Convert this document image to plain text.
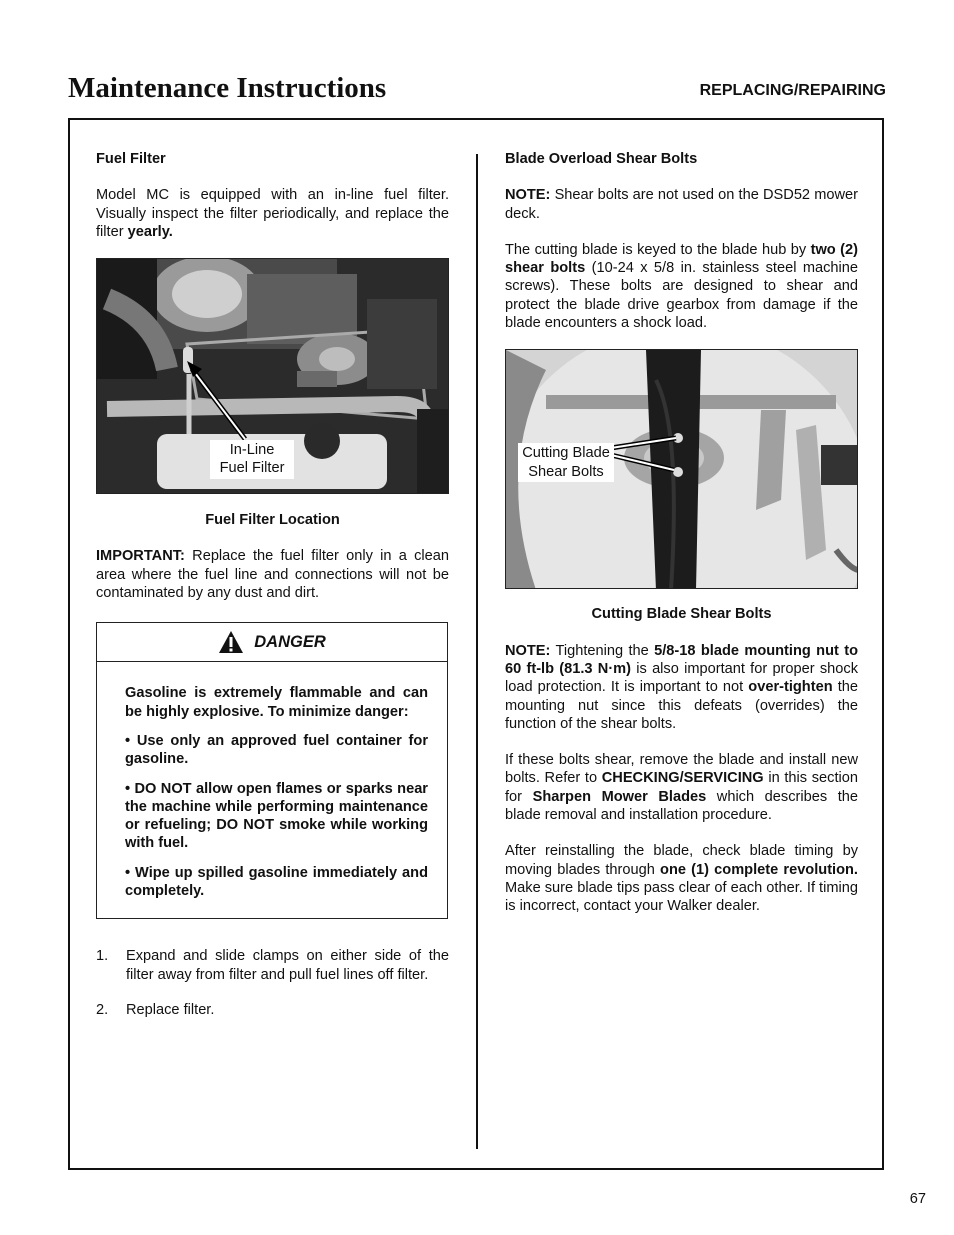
Maintenance Instructions	REPLACING/REPAIRING

Fuel Filter

Model MC is equipped with an in-line fuel filter. Visually inspect the filter periodically, and replace the filter yearly.

In-Line
Fuel Filter

Fuel Filter Location

IMPORTANT: Replace the fuel filter only in a clean area where the fuel line and connections will not be contaminated by any dust and dirt.

DANGER

Gasoline is extremely flammable and can be highly explosive. To minimize danger:

• Use only an approved fuel container for gasoline.

• DO NOT allow open flames or sparks near the machine while performing maintenance or refueling; DO NOT smoke while working with fuel.

• Wipe up spilled gasoline immediately and completely.

1.	Expand and slide clamps on either side of the filter away from filter and pull fuel lines off filter.
2.	Replace filter.

Blade Overload Shear Bolts

NOTE: Shear bolts are not used on the DSD52 mower deck.

The cutting blade is keyed to the blade hub by two (2) shear bolts (10-24 x 5/8 in. stainless steel machine screws). These bolts are designed to shear and protect the blade drive gearbox from damage if the blade encounters a shock load.

Cutting Blade
Shear Bolts

Cutting Blade Shear Bolts

NOTE: Tightening the 5/8-18 blade mounting nut to 60 ft-lb (81.3 N·m) is also important for proper shock load protection. It is important to not over-tighten the mounting nut since this defeats (overrides) the function of the shear bolts.

If these bolts shear, remove the blade and install new bolts. Refer to CHECKING/SERVICING in this section for Sharpen Mower Blades which describes the blade removal and installation procedure.

After reinstalling the blade, check blade timing by moving blades through one (1) complete revolution. Make sure blade tips pass clear of each other. If timing is incorrect, contact your Walker dealer.

67
